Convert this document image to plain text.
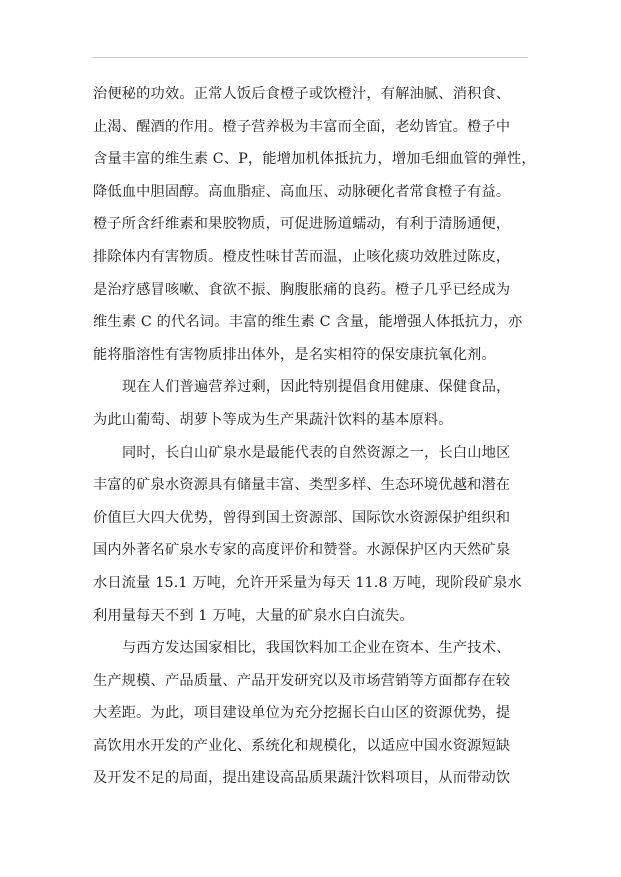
治便秘的功效。正常人饭后食橙子或饮橙汁，有解油腻、消积食、
止渴、醒酒的作用。橙子营养极为丰富而全面，老幼皆宜。橙子中
含量丰富的维生素 C、P，能增加机体抵抗力，增加毛细血管的弹性，
降低血中胆固醇。高血脂症、高血压、动脉硬化者常食橙子有益。
橙子所含纤维素和果胶物质，可促进肠道蠕动，有利于清肠通便，
排除体内有害物质。橙皮性味甘苦而温，止咳化痰功效胜过陈皮，
是治疗感冒咳嗽、食欲不振、胸腹胀痛的良药。橙子几乎已经成为
维生素 C 的代名词。丰富的维生素 C 含量，能增强人体抵抗力，亦
能将脂溶性有害物质排出体外，是名实相符的保安康抗氧化剂。
现在人们普遍营养过剩，因此特别提倡食用健康、保健食品，
为此山葡萄、胡萝卜等成为生产果蔬汁饮料的基本原料。
同时，长白山矿泉水是最能代表的自然资源之一，长白山地区
丰富的矿泉水资源具有储量丰富、类型多样、生态环境优越和潜在
价值巨大四大优势，曾得到国土资源部、国际饮水资源保护组织和
国内外著名矿泉水专家的高度评价和赞誉。水源保护区内天然矿泉
水日流量 15.1 万吨，允许开采量为每天 11.8 万吨，现阶段矿泉水
利用量每天不到 1 万吨，大量的矿泉水白白流失。
与西方发达国家相比，我国饮料加工企业在资本、生产技术、
生产规模、产品质量、产品开发研究以及市场营销等方面都存在较
大差距。为此，项目建设单位为充分挖掘长白山区的资源优势，提
高饮用水开发的产业化、系统化和规模化，以适应中国水资源短缺
及开发不足的局面，提出建设高品质果蔬汁饮料项目，从而带动饮
